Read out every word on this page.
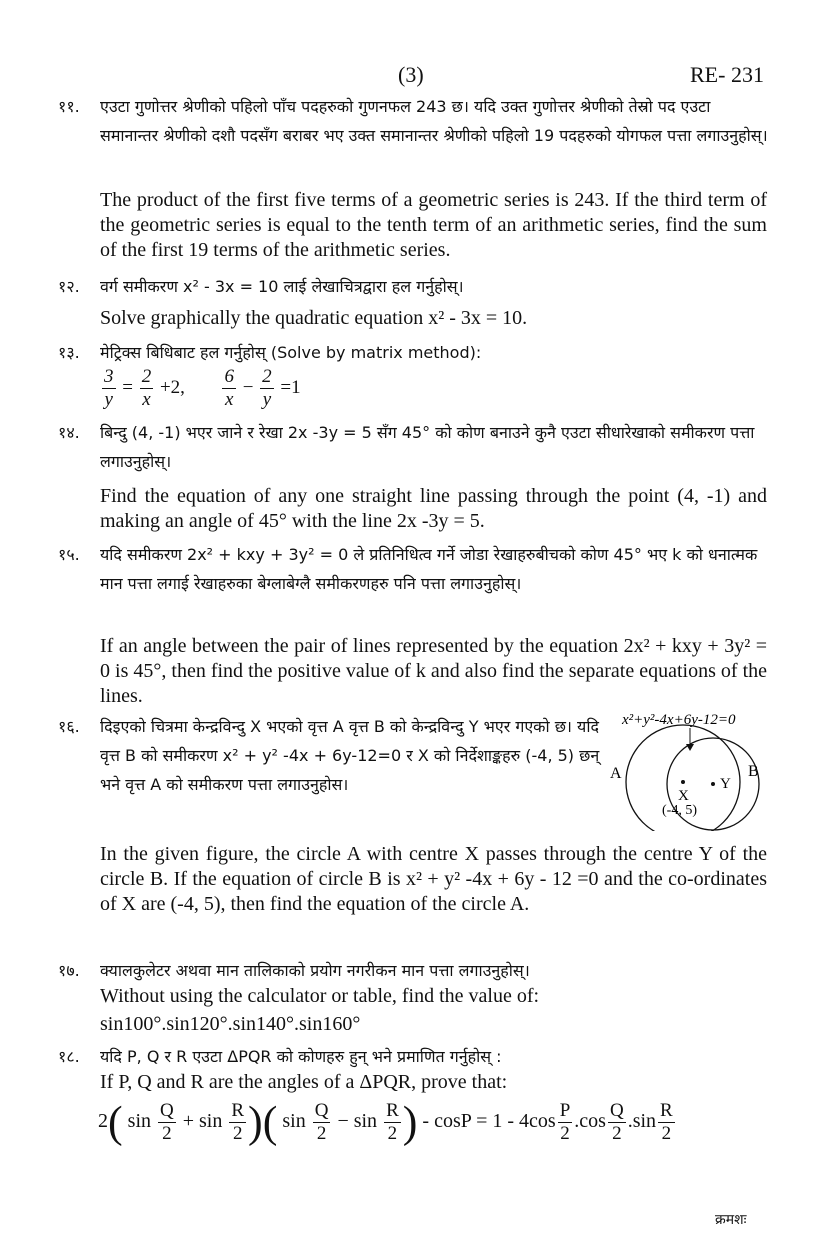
(3)	RE- 231
११. एउटा गुणोत्तर श्रेणीको पहिलो पाँच पदहरुको गुणनफल 243 छ। यदि उक्त गुणोत्तर श्रेणीको तेस्रो पद एउटा समानान्तर श्रेणीको दशौ पदसँग बराबर भए उक्त समानान्तर श्रेणीको पहिलो 19 पदहरुको योगफल पत्ता लगाउनुहोस्।
The product of the first five terms of a geometric series is 243. If the third term of the geometric series is equal to the tenth term of an arithmetic series, find the sum of the first 19 terms of the arithmetic series.
१२. वर्ग समीकरण x² - 3x = 10 लाई लेखाचित्रद्वारा हल गर्नुहोस्।
Solve graphically the quadratic equation x² - 3x = 10.
१३. मेट्रिक्स बिधिबाट हल गर्नुहोस् (Solve by matrix method):
$\frac{3}{y} = \frac{2}{x} +2$, $\frac{6}{x} - \frac{2}{y} =1$
१४. बिन्दु (4, -1) भएर जाने र रेखा 2x -3y = 5 सँग 45° को कोण बनाउने कुनै एउटा सीधारेखाको समीकरण पत्ता लगाउनुहोस्।
Find the equation of any one straight line passing through the point (4, -1) and making an angle of 45° with the line 2x -3y = 5.
१५. यदि समीकरण 2x² + kxy + 3y² = 0 ले प्रतिनिधित्व गर्ने जोडा रेखाहरुबीचको कोण 45° भए k को धनात्मक मान पत्ता लगाई रेखाहरुका बेग्लाबेग्लै समीकरणहरु पनि पत्ता लगाउनुहोस्।
If an angle between the pair of lines represented by the equation 2x² + kxy + 3y² = 0 is 45°, then find the positive value of k and also find the separate equations of the lines.
१६. दिइएको चित्रमा केन्द्रविन्दु X भएको वृत्त A वृत्त B को केन्द्रविन्दु Y भएर गएको छ। यदि वृत्त B को समीकरण x² + y² -4x + 6y-12=0 र X को निर्देशाङ्कहरु (-4, 5) छन् भने वृत्त A को समीकरण पत्ता लगाउनुहोस।
x²+y²-4x+6y-12=0
A	B
X
Y
(-4, 5)
In the given figure, the circle A with centre X passes through the centre Y of the circle B. If the equation of circle B is x² + y² -4x + 6y - 12 =0 and the co-ordinates of X are (-4, 5), then find the equation of the circle A.
१७. क्यालकुलेटर अथवा मान तालिकाको प्रयोग नगरीकन मान पत्ता लगाउनुहोस्।
Without using the calculator or table, find the value of:
sin100°.sin120°.sin140°.sin160°
१८. यदि P, Q र R एउटा ΔPQR को कोणहरु हुन् भने प्रमाणित गर्नुहोस् :
If P, Q and R are the angles of a ΔPQR, prove that:
2( $\sin \frac{Q}{2} + \sin \frac{R}{2}$ )( $\sin \frac{Q}{2} - \sin \frac{R}{2}$ ) - $\cos P = 1 - 4\cos \frac{P}{2} .\cos \frac{Q}{2} .\sin \frac{R}{2}$
क्रमशः
